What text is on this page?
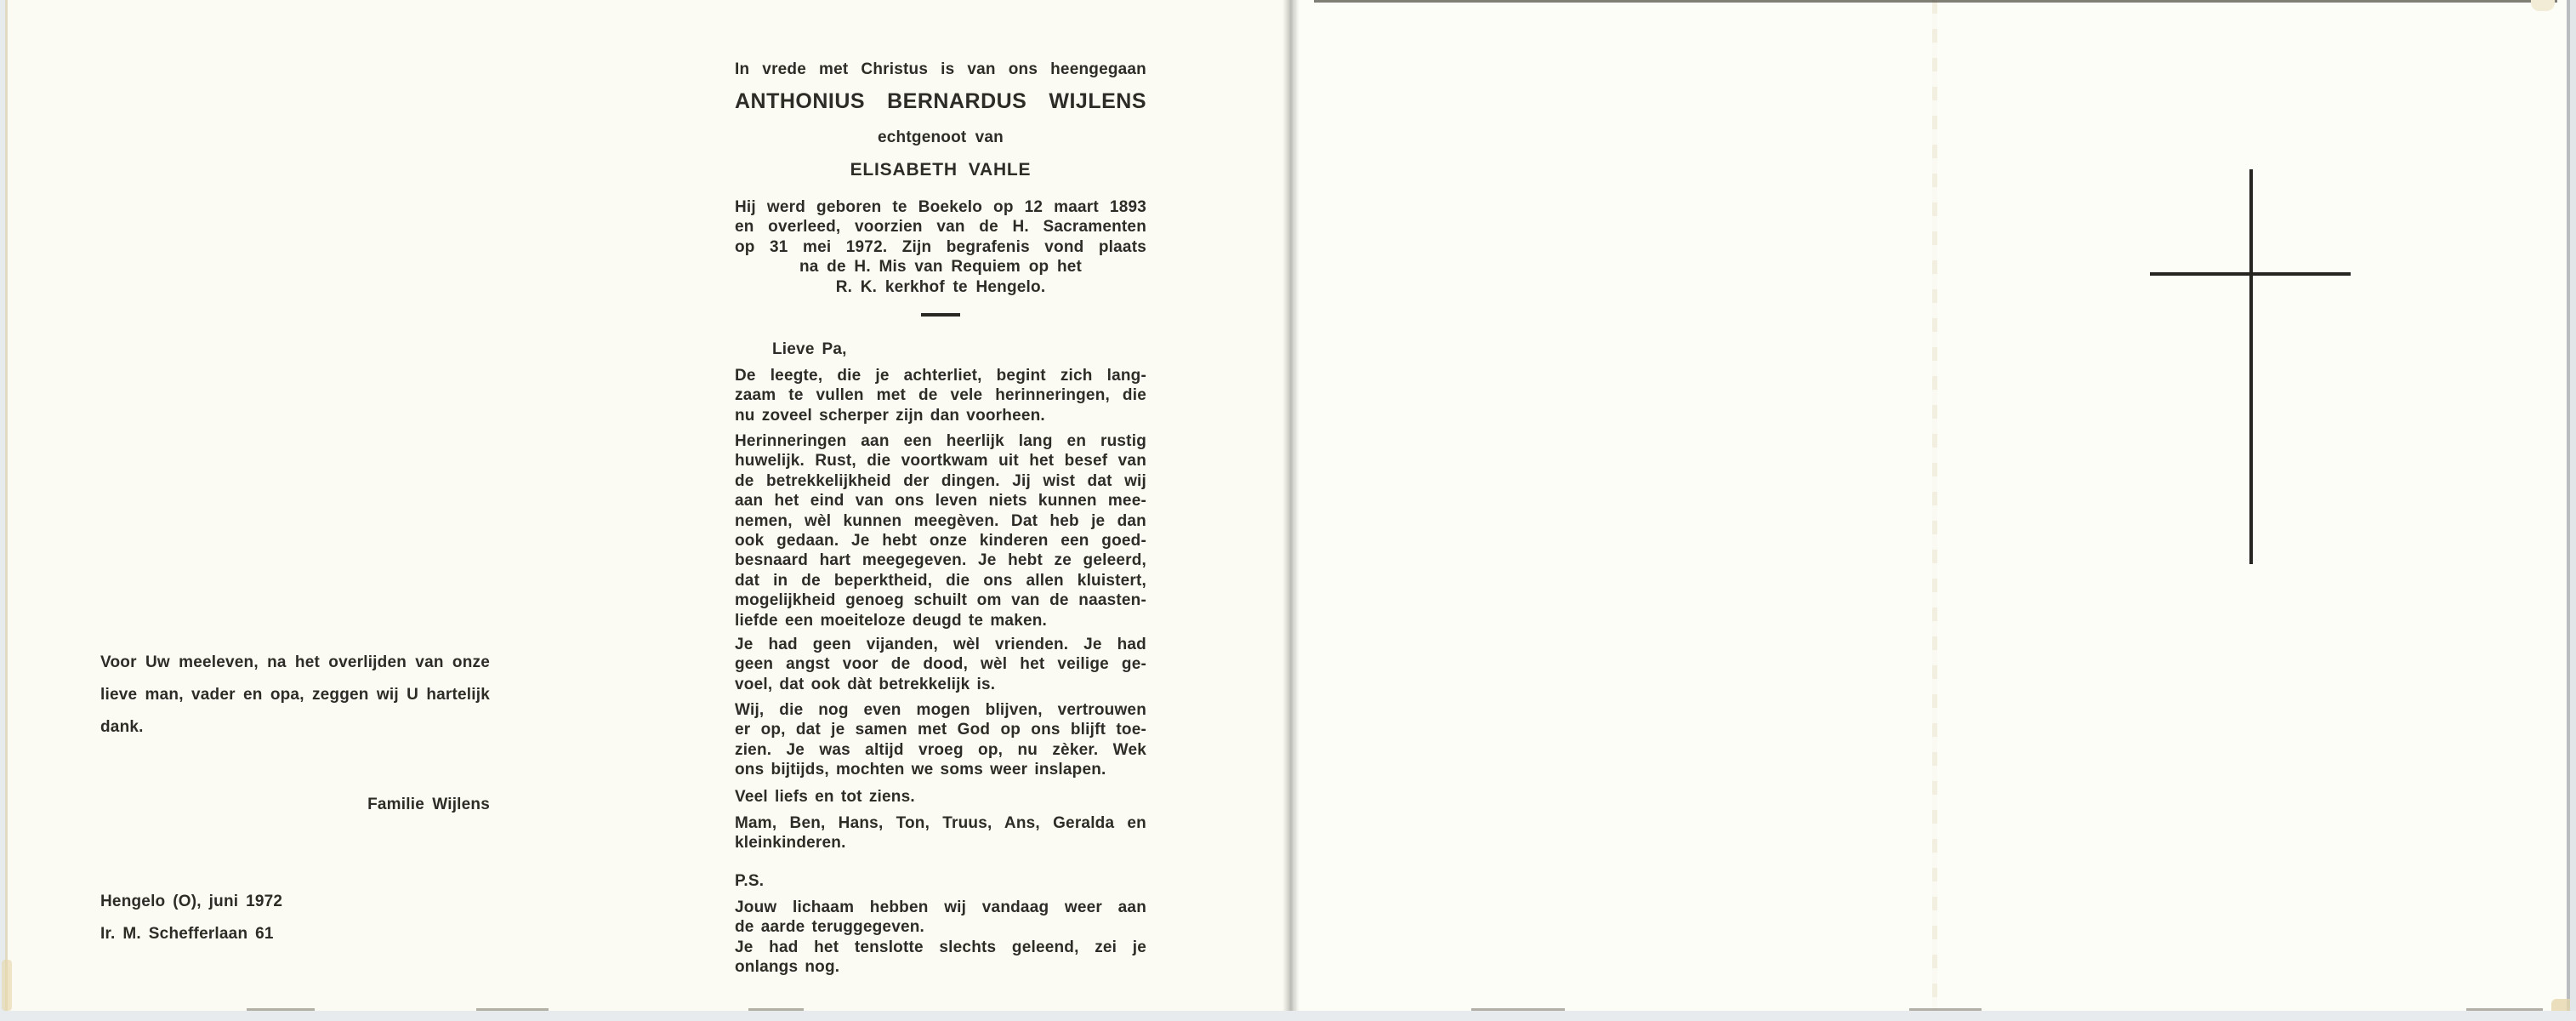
Voor Uw meeleven, na het overlijden van onze
lieve man, vader en opa, zeggen wij U hartelijk
dank.
Familie Wijlens
Hengelo (O), juni 1972
Ir. M. Schefferlaan 61
In vrede met Christus is van ons heengegaan
ANTHONIUS BERNARDUS WIJLENS
echtgenoot van
ELISABETH VAHLE
Hij werd geboren te Boekelo op 12 maart 1893
en overleed, voorzien van de H. Sacramenten
op 31 mei 1972. Zijn begrafenis vond plaats
na de H. Mis van Requiem op het
R. K. kerkhof te Hengelo.
Lieve Pa,
De leegte, die je achterliet, begint zich lang-
zaam te vullen met de vele herinneringen, die
nu zoveel scherper zijn dan voorheen.
Herinneringen aan een heerlijk lang en rustig
huwelijk. Rust, die voortkwam uit het besef van
de betrekkelijkheid der dingen. Jij wist dat wij
aan het eind van ons leven niets kunnen mee-
nemen, wèl kunnen meegèven. Dat heb je dan
ook gedaan. Je hebt onze kinderen een goed-
besnaard hart meegegeven. Je hebt ze geleerd,
dat in de beperktheid, die ons allen kluistert,
mogelijkheid genoeg schuilt om van de naasten-
liefde een moeiteloze deugd te maken.
Je had geen vijanden, wèl vrienden. Je had
geen angst voor de dood, wèl het veilige ge-
voel, dat ook dàt betrekkelijk is.
Wij, die nog even mogen blijven, vertrouwen
er op, dat je samen met God op ons blijft toe-
zien. Je was altijd vroeg op, nu zèker. Wek
ons bijtijds, mochten we soms weer inslapen.
Veel liefs en tot ziens.
Mam, Ben, Hans, Ton, Truus, Ans, Geralda en
kleinkinderen.
P.S.
Jouw lichaam hebben wij vandaag weer aan
de aarde teruggegeven.
Je had het tenslotte slechts geleend, zei je
onlangs nog.
